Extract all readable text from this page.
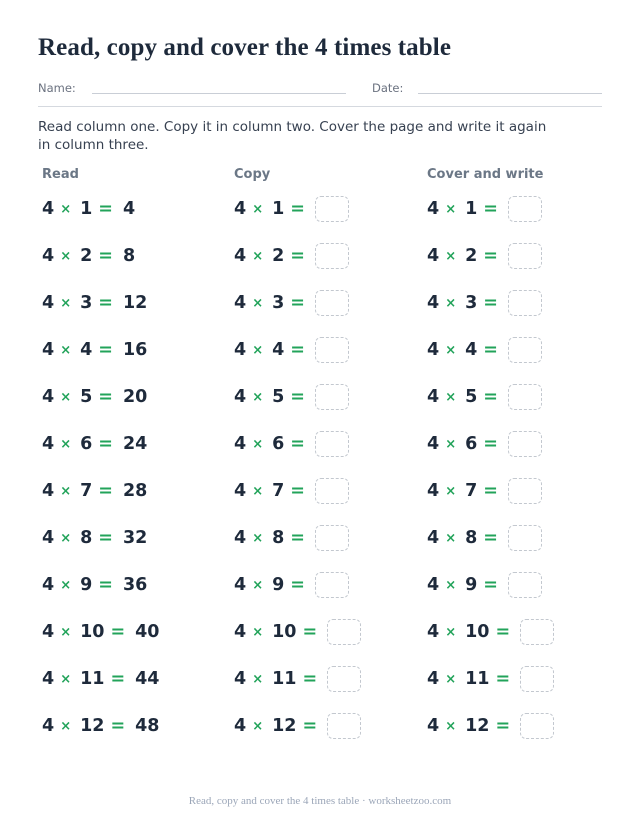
Read, copy and cover the 4 times table
Name:	Date:
Read column one. Copy it in column two. Cover the page and write it again in column three.
Read	Copy	Cover and write
4 × 1 = 4	4 × 1 =	4 × 1 =
4 × 2 = 8	4 × 2 =	4 × 2 =
4 × 3 = 12	4 × 3 =	4 × 3 =
4 × 4 = 16	4 × 4 =	4 × 4 =
4 × 5 = 20	4 × 5 =	4 × 5 =
4 × 6 = 24	4 × 6 =	4 × 6 =
4 × 7 = 28	4 × 7 =	4 × 7 =
4 × 8 = 32	4 × 8 =	4 × 8 =
4 × 9 = 36	4 × 9 =	4 × 9 =
4 × 10 = 40	4 × 10 =	4 × 10 =
4 × 11 = 44	4 × 11 =	4 × 11 =
4 × 12 = 48	4 × 12 =	4 × 12 =
Read, copy and cover the 4 times table · worksheetzoo.com
